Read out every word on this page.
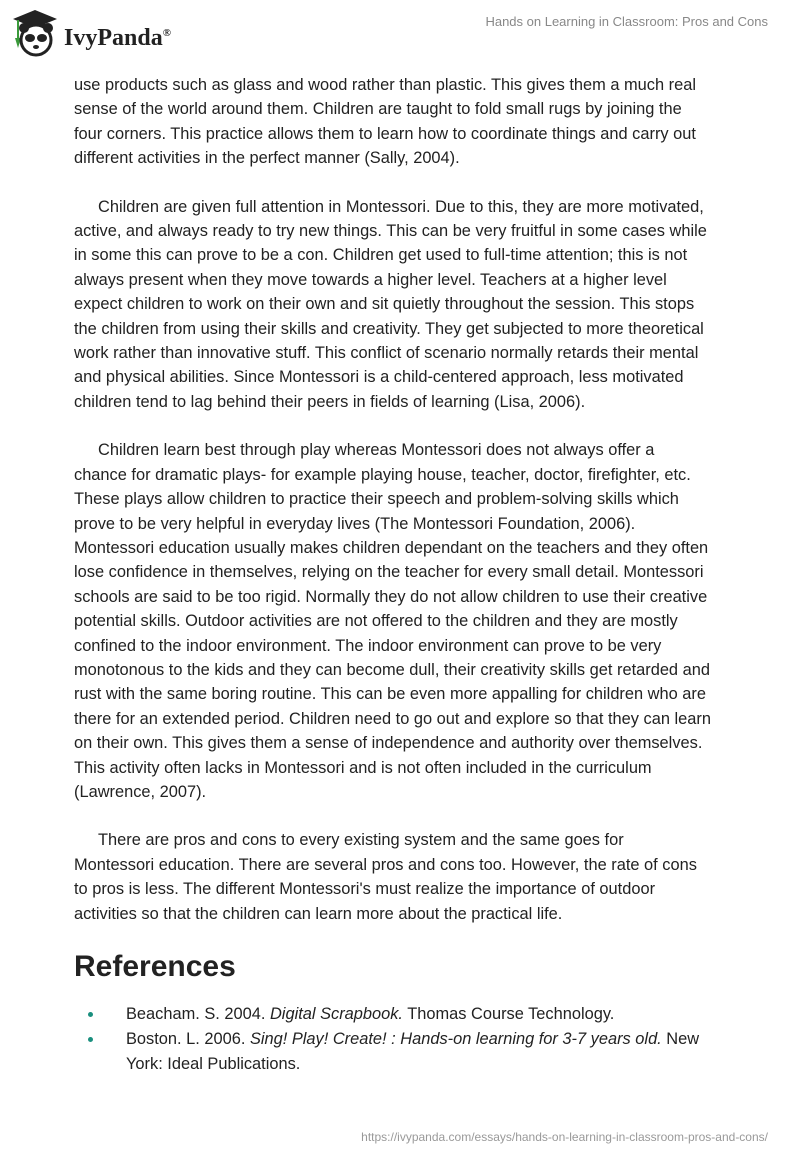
IvyPanda®
Hands on Learning in Classroom: Pros and Cons

use products such as glass and wood rather than plastic. This gives them a much real
sense of the world around them. Children are taught to fold small rugs by joining the
four corners. This practice allows them to learn how to coordinate things and carry out
different activities in the perfect manner (Sally, 2004).

Children are given full attention in Montessori. Due to this, they are more motivated,
active, and always ready to try new things. This can be very fruitful in some cases while
in some this can prove to be a con. Children get used to full-time attention; this is not
always present when they move towards a higher level. Teachers at a higher level
expect children to work on their own and sit quietly throughout the session. This stops
the children from using their skills and creativity. They get subjected to more theoretical
work rather than innovative stuff. This conflict of scenario normally retards their mental
and physical abilities. Since Montessori is a child-centered approach, less motivated
children tend to lag behind their peers in fields of learning (Lisa, 2006).

Children learn best through play whereas Montessori does not always offer a
chance for dramatic plays- for example playing house, teacher, doctor, firefighter, etc.
These plays allow children to practice their speech and problem-solving skills which
prove to be very helpful in everyday lives (The Montessori Foundation, 2006).
Montessori education usually makes children dependant on the teachers and they often
lose confidence in themselves, relying on the teacher for every small detail. Montessori
schools are said to be too rigid. Normally they do not allow children to use their creative
potential skills. Outdoor activities are not offered to the children and they are mostly
confined to the indoor environment. The indoor environment can prove to be very
monotonous to the kids and they can become dull, their creativity skills get retarded and
rust with the same boring routine. This can be even more appalling for children who are
there for an extended period. Children need to go out and explore so that they can learn
on their own. This gives them a sense of independence and authority over themselves.
This activity often lacks in Montessori and is not often included in the curriculum
(Lawrence, 2007).

There are pros and cons to every existing system and the same goes for
Montessori education. There are several pros and cons too. However, the rate of cons
to pros is less. The different Montessori's must realize the importance of outdoor
activities so that the children can learn more about the practical life.

References
Beacham. S. 2004. Digital Scrapbook. Thomas Course Technology.
Boston. L. 2006. Sing! Play! Create! : Hands-on learning for 3-7 years old. New
York: Ideal Publications.
https://ivypanda.com/essays/hands-on-learning-in-classroom-pros-and-cons/
